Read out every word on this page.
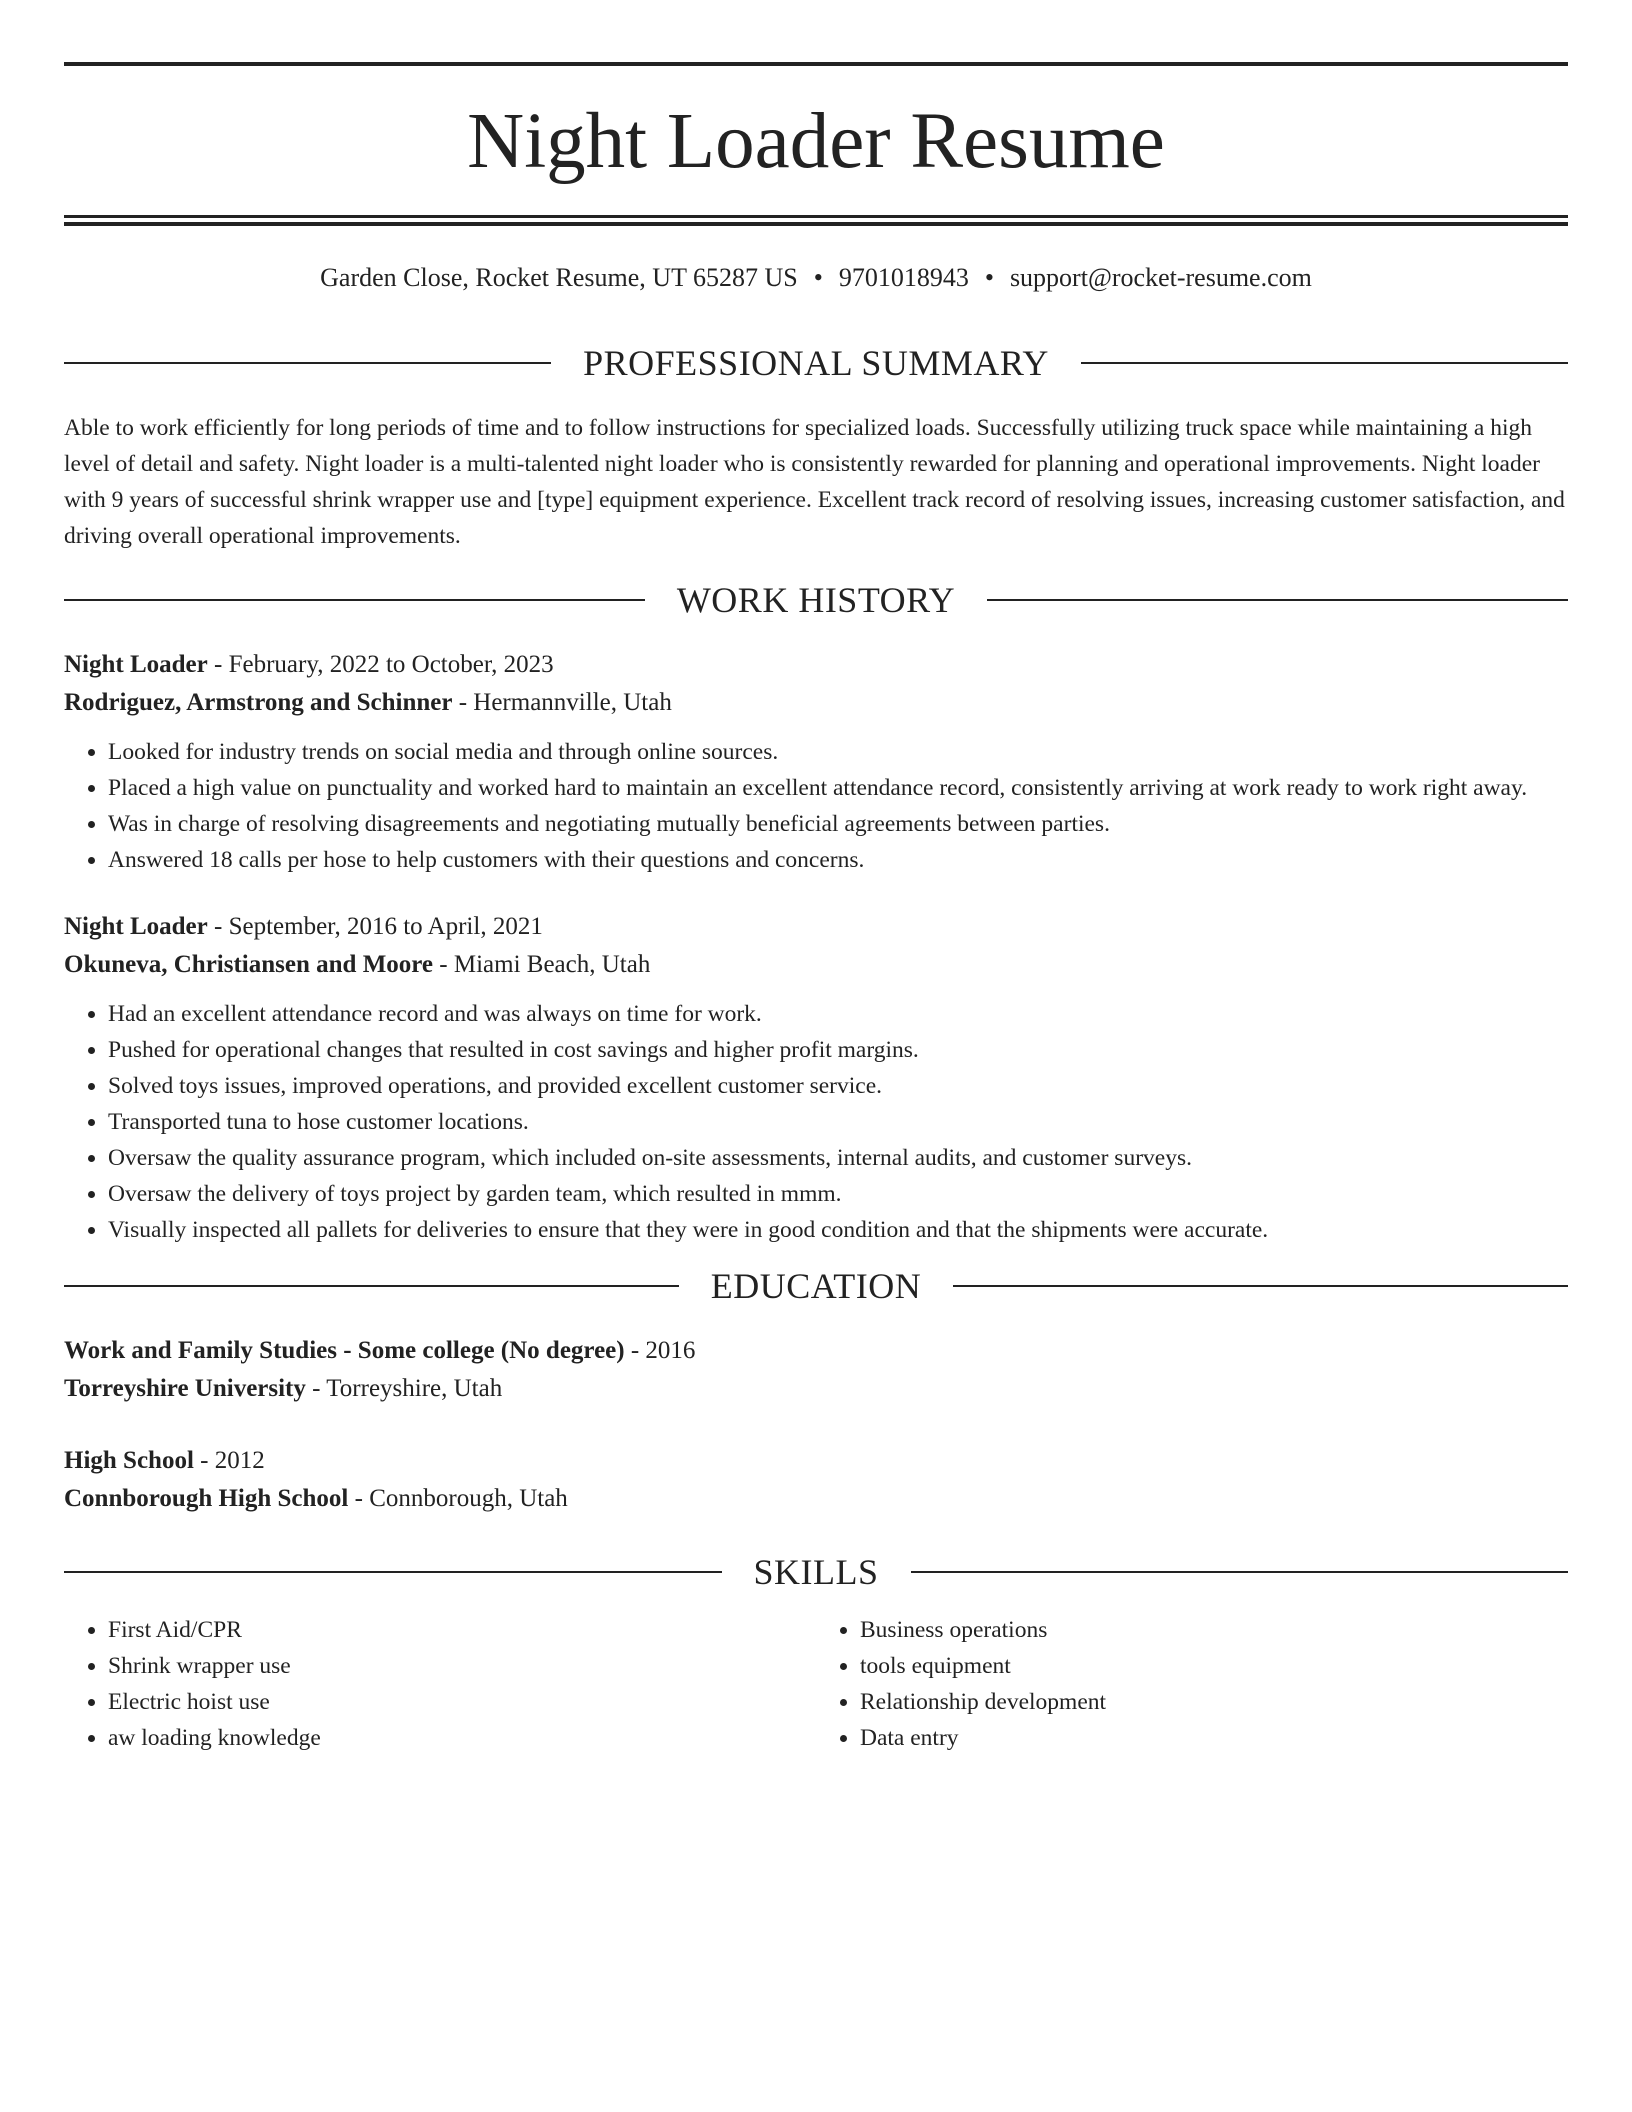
Night Loader Resume
Garden Close, Rocket Resume, UT 65287 US • 9701018943 • support@rocket-resume.com
PROFESSIONAL SUMMARY

Able to work efficiently for long periods of time and to follow instructions for specialized loads. Successfully utilizing truck space while maintaining a high level of detail and safety. Night loader is a multi-talented night loader who is consistently rewarded for planning and operational improvements. Night loader with 9 years of successful shrink wrapper use and [type] equipment experience. Excellent track record of resolving issues, increasing customer satisfaction, and driving overall operational improvements.

WORK HISTORY
Night Loader - February, 2022 to October, 2023
Rodriguez, Armstrong and Schinner - Hermannville, Utah
• Looked for industry trends on social media and through online sources.
• Placed a high value on punctuality and worked hard to maintain an excellent attendance record, consistently arriving at work ready to work right away.
• Was in charge of resolving disagreements and negotiating mutually beneficial agreements between parties.
• Answered 18 calls per hose to help customers with their questions and concerns.
Night Loader - September, 2016 to April, 2021
Okuneva, Christiansen and Moore - Miami Beach, Utah
• Had an excellent attendance record and was always on time for work.
• Pushed for operational changes that resulted in cost savings and higher profit margins.
• Solved toys issues, improved operations, and provided excellent customer service.
• Transported tuna to hose customer locations.
• Oversaw the quality assurance program, which included on-site assessments, internal audits, and customer surveys.
• Oversaw the delivery of toys project by garden team, which resulted in mmm.
• Visually inspected all pallets for deliveries to ensure that they were in good condition and that the shipments were accurate.
EDUCATION
Work and Family Studies - Some college (No degree) - 2016
Torreyshire University - Torreyshire, Utah
High School - 2012
Connborough High School - Connborough, Utah
SKILLS
• First Aid/CPR
• Shrink wrapper use
• Electric hoist use
• aw loading knowledge
• Business operations
• tools equipment
• Relationship development
• Data entry
